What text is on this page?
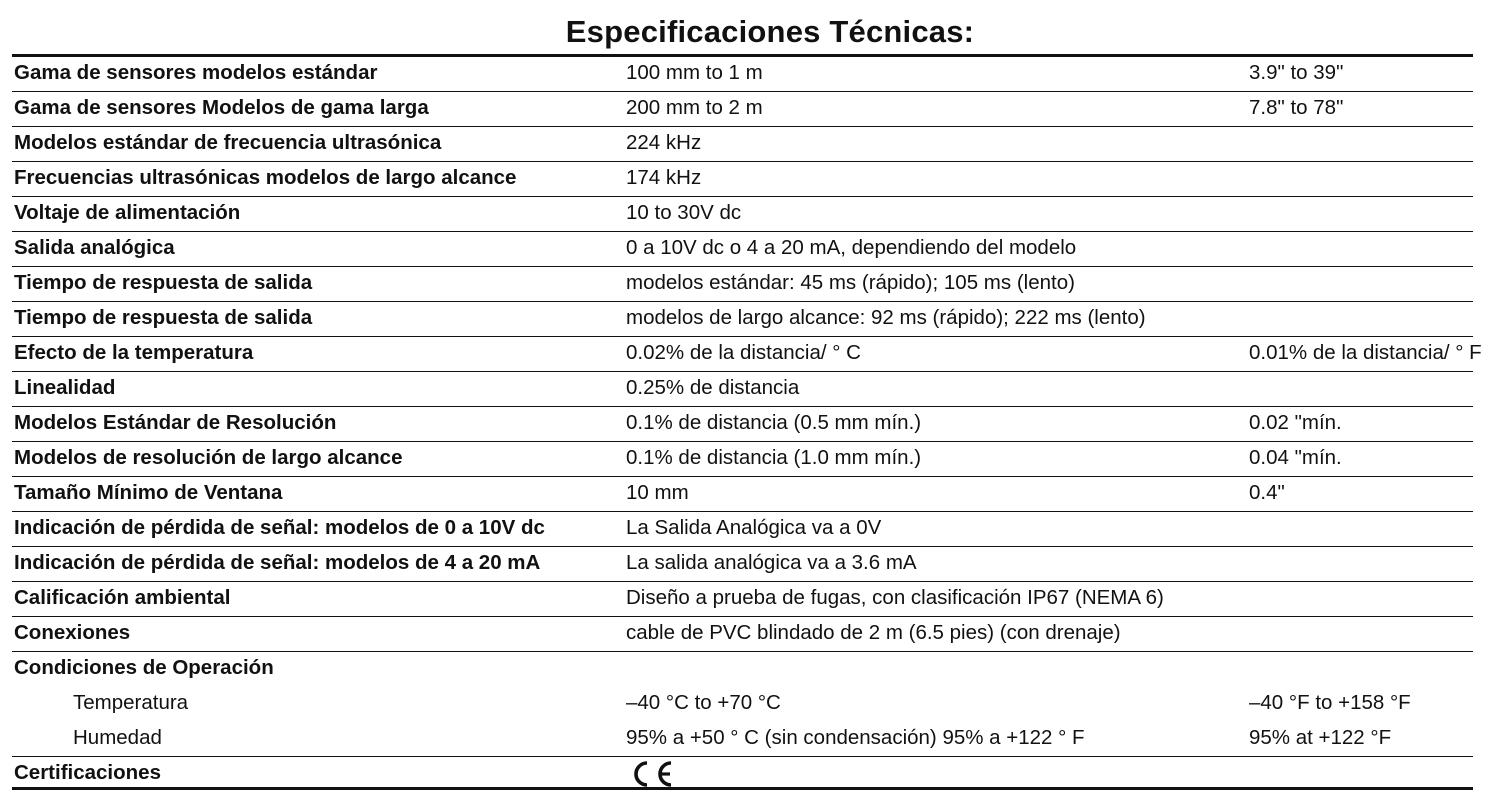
Especificaciones Técnicas:
Gama de sensores modelos estándar	100 mm to 1 m	3.9" to 39"
Gama de sensores Modelos de gama larga	200 mm to 2 m	7.8" to 78"
Modelos estándar de frecuencia ultrasónica	224 kHz
Frecuencias ultrasónicas modelos de largo alcance	174 kHz
Voltaje de alimentación	10 to 30V dc
Salida analógica	0 a 10V dc o 4 a 20 mA, dependiendo del modelo
Tiempo de respuesta de salida	modelos estándar: 45 ms (rápido); 105 ms (lento)
Tiempo de respuesta de salida	modelos de largo alcance: 92 ms (rápido); 222 ms (lento)
Efecto de la temperatura	0.02% de la distancia/ ° C	0.01% de la distancia/ ° F
Linealidad	0.25% de distancia
Modelos Estándar de Resolución	0.1% de distancia (0.5 mm mín.)	0.02 "mín.
Modelos de resolución de largo alcance	0.1% de distancia (1.0 mm mín.)	0.04 "mín.
Tamaño Mínimo de Ventana	10 mm	0.4"
Indicación de pérdida de señal: modelos de 0 a 10V dc	La Salida Analógica va a 0V
Indicación de pérdida de señal: modelos de 4 a 20 mA	La salida analógica va a 3.6 mA
Calificación ambiental	Diseño a prueba de fugas, con clasificación IP67 (NEMA 6)
Conexiones	cable de PVC blindado de 2 m (6.5 pies) (con drenaje)
Condiciones de Operación
Temperatura	–40 °C to +70 °C	–40 °F to +158 °F
Humedad	95% a +50 ° C (sin condensación) 95% a +122 ° F	95% at +122 °F
Certificaciones
